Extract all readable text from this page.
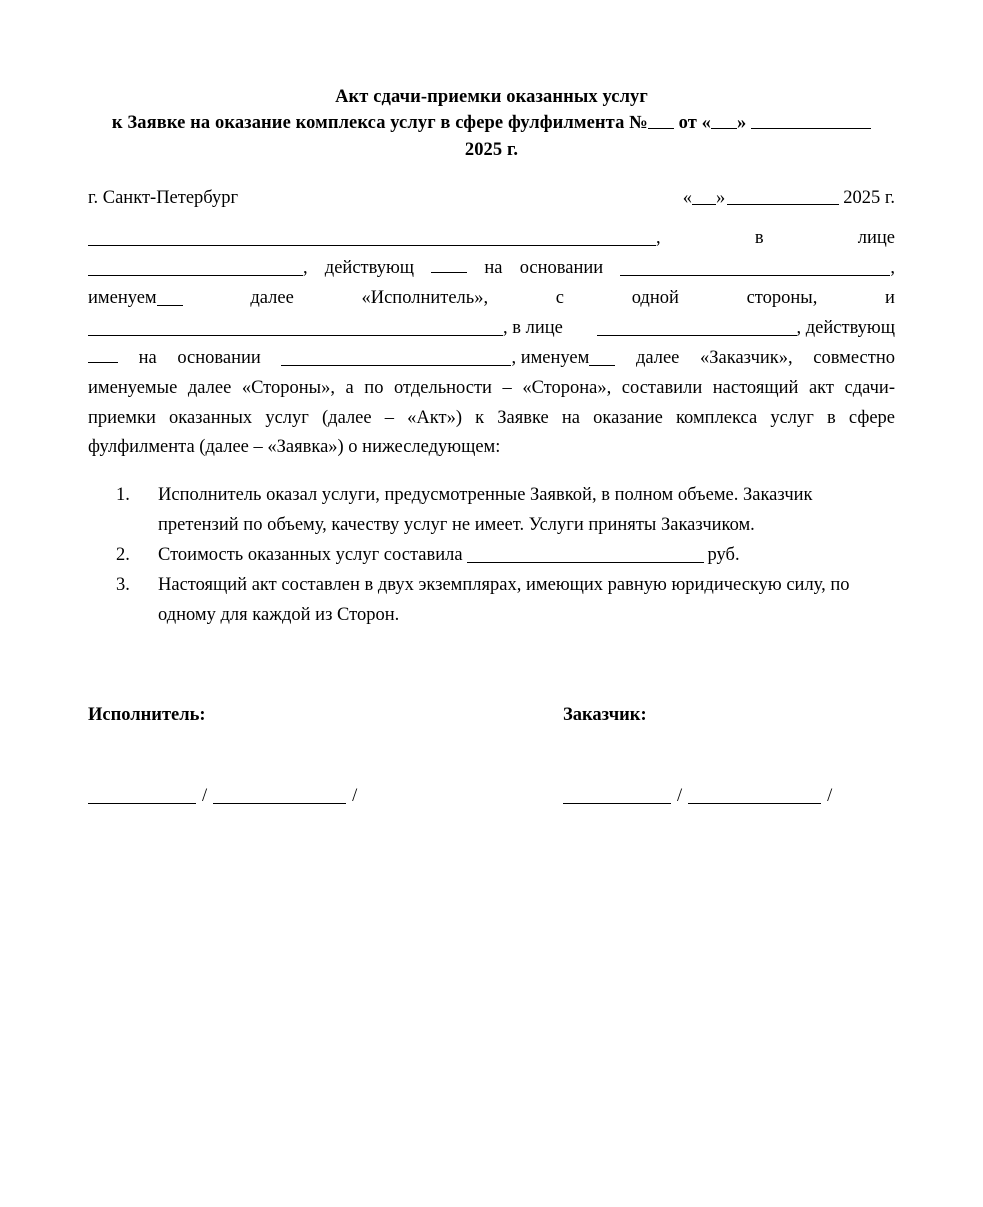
Акт сдачи-приемки оказанных услуг
к Заявке на оказание комплекса услуг в сфере фулфилмента № от « »
2025 г.
г. Санкт-Петербург	« »	2025 г.
,	в	лице
, действующ	на основании	,
именуем	далее	«Исполнитель»,	с	одной	стороны,	и
, в лице	, действующ
на основании	, именуем	далее «Заказчик», совместно

именуемые далее «Стороны», а по отдельности – «Сторона», составили настоящий акт сдачи-приемки оказанных услуг (далее – «Акт») к Заявке на оказание комплекса услуг в сфере фулфилмента (далее – «Заявка») о нижеследующем:

1. Исполнитель оказал услуги, предусмотренные Заявкой, в полном объеме. Заказчик претензий по объему, качеству услуг не имеет. Услуги приняты Заказчиком.
2. Стоимость оказанных услуг составила	руб.
3. Настоящий акт составлен в двух экземплярах, имеющих равную юридическую силу, по одному для каждой из Сторон.
Исполнитель:
/	/
Заказчик:
/	/
